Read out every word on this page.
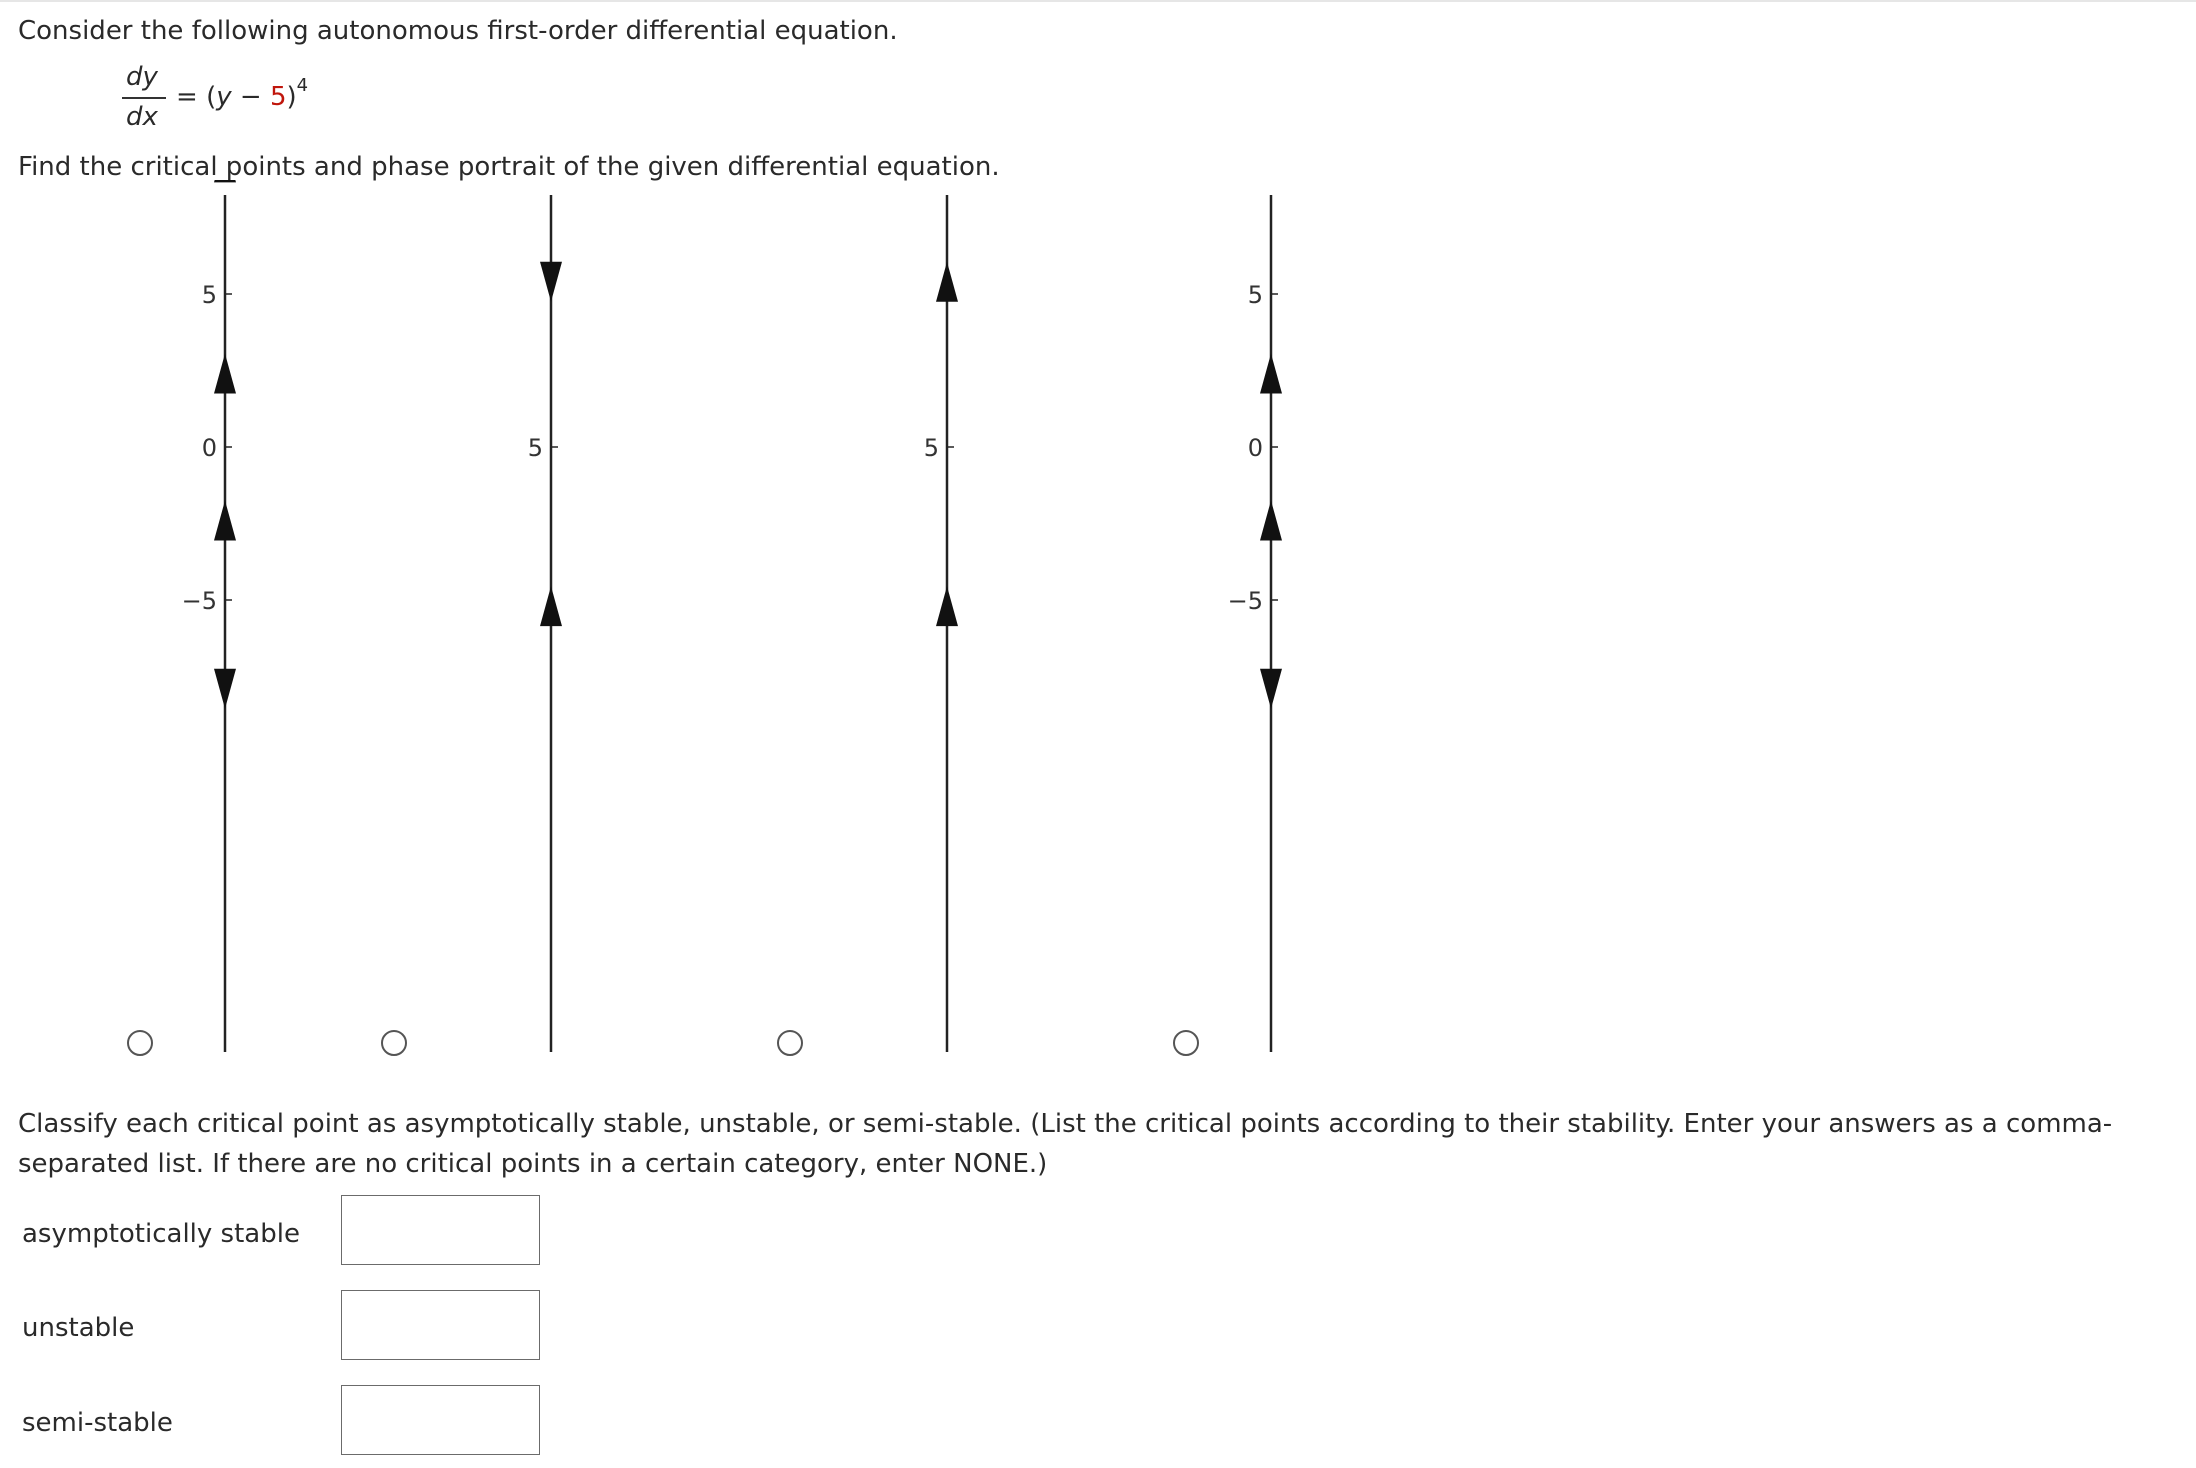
Consider the following autonomous first-order differential equation.
dy
dx
= $(y - 5)^4$
Find the critical points and phase portrait of the given differential equation.
5
0
−5
5	5
5
0
−5
Classify each critical point as asymptotically stable, unstable, or semi-stable. (List the critical points according to their stability. Enter your answers as a comma-separated list. If there are no critical points in a certain category, enter NONE.)
asymptotically stable
unstable
semi-stable
